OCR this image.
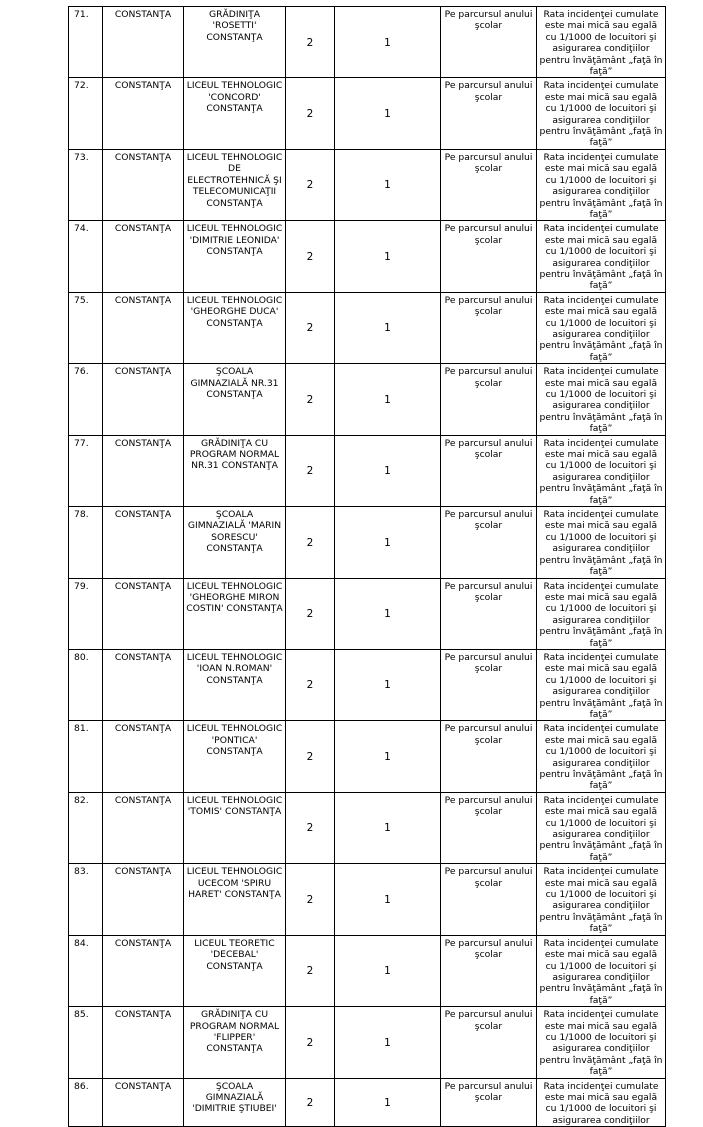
71.	CONSTANŢA	GRĂDINIŢA 'ROSETTI' CONSTANŢA	2	1	Pe parcursul anului şcolar	Rata incidenţei cumulate este mai mică sau egală cu 1/1000 de locuitori şi asigurarea condiţiilor pentru învăţământ „faţă în faţă”
72.	CONSTANŢA	LICEUL TEHNOLOGIC 'CONCORD' CONSTANŢA	2	1	Pe parcursul anului şcolar	Rata incidenţei cumulate este mai mică sau egală cu 1/1000 de locuitori şi asigurarea condiţiilor pentru învăţământ „faţă în faţă”
73.	CONSTANŢA	LICEUL TEHNOLOGIC DE ELECTROTEHNICĂ ŞI TELECOMUNICAŢII CONSTANŢA	2	1	Pe parcursul anului şcolar	Rata incidenţei cumulate este mai mică sau egală cu 1/1000 de locuitori şi asigurarea condiţiilor pentru învăţământ „faţă în faţă”
74.	CONSTANŢA	LICEUL TEHNOLOGIC 'DIMITRIE LEONIDA' CONSTANŢA	2	1	Pe parcursul anului şcolar	Rata incidenţei cumulate este mai mică sau egală cu 1/1000 de locuitori şi asigurarea condiţiilor pentru învăţământ „faţă în faţă”
75.	CONSTANŢA	LICEUL TEHNOLOGIC 'GHEORGHE DUCA' CONSTANŢA	2	1	Pe parcursul anului şcolar	Rata incidenţei cumulate este mai mică sau egală cu 1/1000 de locuitori şi asigurarea condiţiilor pentru învăţământ „faţă în faţă”
76.	CONSTANŢA	ŞCOALA GIMNAZIALĂ NR.31 CONSTANŢA	2	1	Pe parcursul anului şcolar	Rata incidenţei cumulate este mai mică sau egală cu 1/1000 de locuitori şi asigurarea condiţiilor pentru învăţământ „faţă în faţă”
77.	CONSTANŢA	GRĂDINIŢA CU PROGRAM NORMAL NR.31 CONSTANŢA	2	1	Pe parcursul anului şcolar	Rata incidenţei cumulate este mai mică sau egală cu 1/1000 de locuitori şi asigurarea condiţiilor pentru învăţământ „faţă în faţă”
78.	CONSTANŢA	ŞCOALA GIMNAZIALĂ 'MARIN SORESCU' CONSTANŢA	2	1	Pe parcursul anului şcolar	Rata incidenţei cumulate este mai mică sau egală cu 1/1000 de locuitori şi asigurarea condiţiilor pentru învăţământ „faţă în faţă”
79.	CONSTANŢA	LICEUL TEHNOLOGIC 'GHEORGHE MIRON COSTIN' CONSTANŢA	2	1	Pe parcursul anului şcolar	Rata incidenţei cumulate este mai mică sau egală cu 1/1000 de locuitori şi asigurarea condiţiilor pentru învăţământ „faţă în faţă”
80.	CONSTANŢA	LICEUL TEHNOLOGIC 'IOAN N.ROMAN' CONSTANŢA	2	1	Pe parcursul anului şcolar	Rata incidenţei cumulate este mai mică sau egală cu 1/1000 de locuitori şi asigurarea condiţiilor pentru învăţământ „faţă în faţă”
81.	CONSTANŢA	LICEUL TEHNOLOGIC 'PONTICA' CONSTANŢA	2	1	Pe parcursul anului şcolar	Rata incidenţei cumulate este mai mică sau egală cu 1/1000 de locuitori şi asigurarea condiţiilor pentru învăţământ „faţă în faţă”
82.	CONSTANŢA	LICEUL TEHNOLOGIC 'TOMIS' CONSTANŢA	2	1	Pe parcursul anului şcolar	Rata incidenţei cumulate este mai mică sau egală cu 1/1000 de locuitori şi asigurarea condiţiilor pentru învăţământ „faţă în faţă”
83.	CONSTANŢA	LICEUL TEHNOLOGIC UCECOM 'SPIRU HARET' CONSTANŢA	2	1	Pe parcursul anului şcolar	Rata incidenţei cumulate este mai mică sau egală cu 1/1000 de locuitori şi asigurarea condiţiilor pentru învăţământ „faţă în faţă”
84.	CONSTANŢA	LICEUL TEORETIC 'DECEBAL' CONSTANŢA	2	1	Pe parcursul anului şcolar	Rata incidenţei cumulate este mai mică sau egală cu 1/1000 de locuitori şi asigurarea condiţiilor pentru învăţământ „faţă în faţă”
85.	CONSTANŢA	GRĂDINIŢA CU PROGRAM NORMAL 'FLIPPER' CONSTANŢA	2	1	Pe parcursul anului şcolar	Rata incidenţei cumulate este mai mică sau egală cu 1/1000 de locuitori şi asigurarea condiţiilor pentru învăţământ „faţă în faţă”
86.	CONSTANŢA	ŞCOALA GIMNAZIALĂ 'DIMITRIE ŞTIUBEI'	2	1	Pe parcursul anului şcolar	Rata incidenţei cumulate este mai mică sau egală cu 1/1000 de locuitori şi asigurarea condiţiilor
